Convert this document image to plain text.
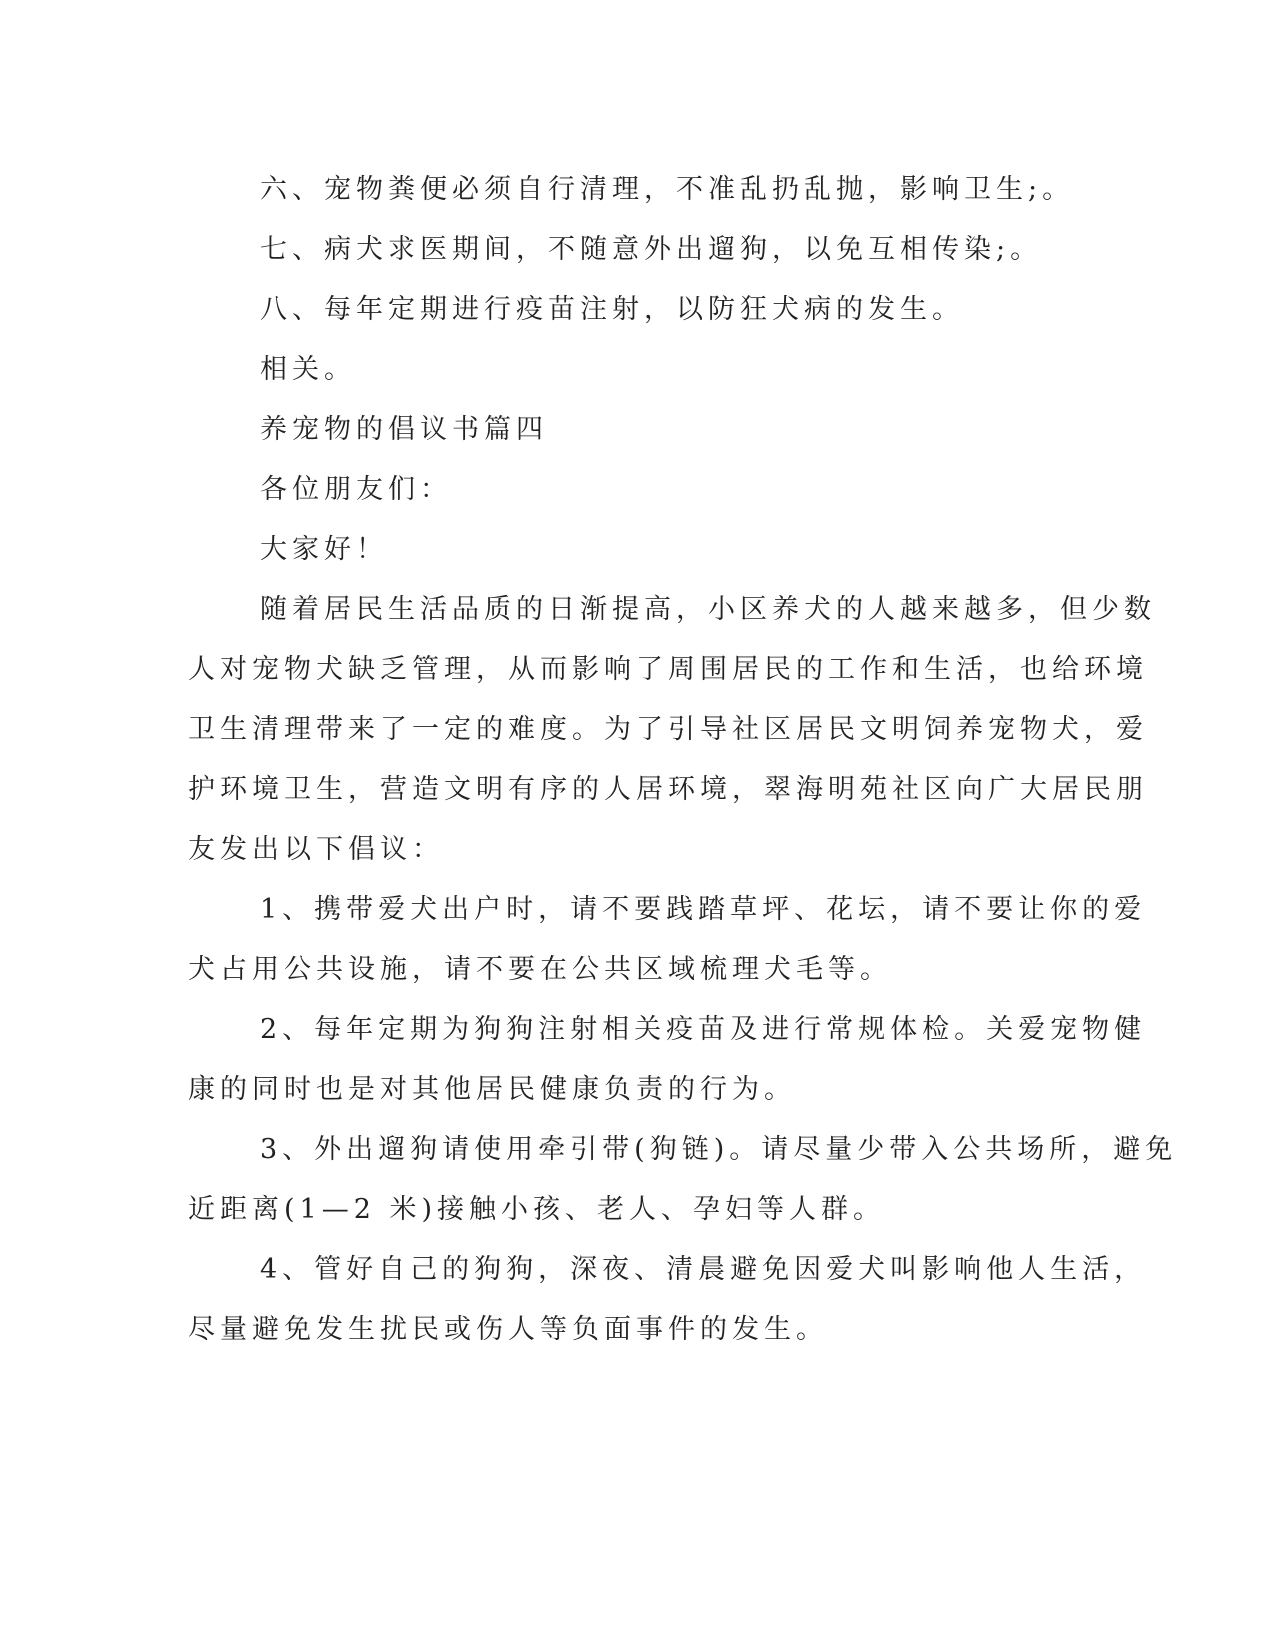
六、宠物粪便必须自行清理，不准乱扔乱抛，影响卫生;。
七、病犬求医期间，不随意外出遛狗，以免互相传染;。
八、每年定期进行疫苗注射，以防狂犬病的发生。
相关。
养宠物的倡议书篇四
各位朋友们：
大家好！
随着居民生活品质的日渐提高，小区养犬的人越来越多，但少数
人对宠物犬缺乏管理，从而影响了周围居民的工作和生活，也给环境
卫生清理带来了一定的难度。为了引导社区居民文明饲养宠物犬，爱
护环境卫生，营造文明有序的人居环境，翠海明苑社区向广大居民朋
友发出以下倡议：
1、携带爱犬出户时，请不要践踏草坪、花坛，请不要让你的爱
犬占用公共设施，请不要在公共区域梳理犬毛等。
2、每年定期为狗狗注射相关疫苗及进行常规体检。关爱宠物健
康的同时也是对其他居民健康负责的行为。
3、外出遛狗请使用牵引带(狗链)。请尽量少带入公共场所，避免
近距离(1—2 米)接触小孩、老人、孕妇等人群。
4、管好自己的狗狗，深夜、清晨避免因爱犬叫影响他人生活，
尽量避免发生扰民或伤人等负面事件的发生。
